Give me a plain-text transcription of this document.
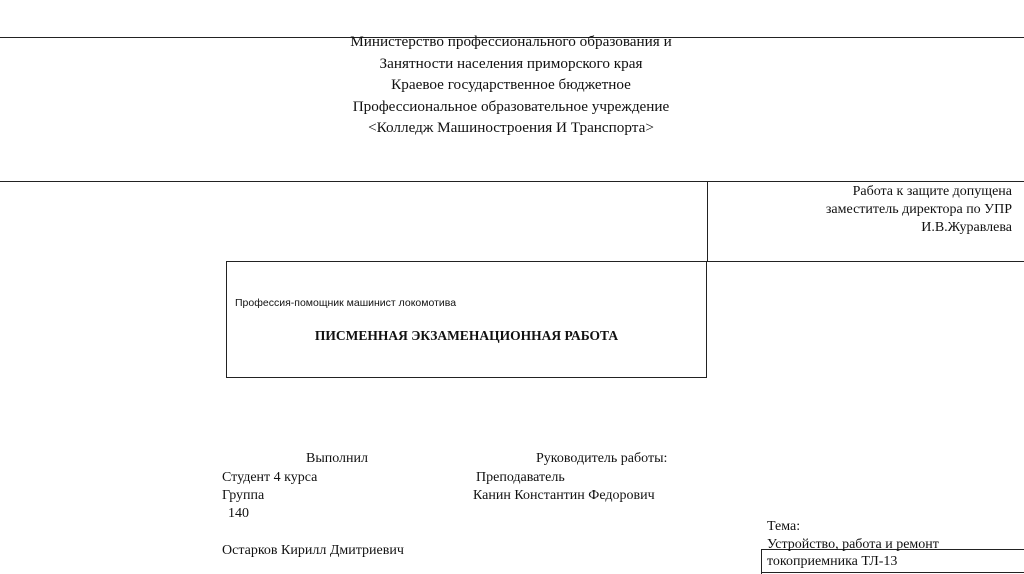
Министерство профессионального образования и
Занятности населения приморского края
Краевое государственное бюджетное
Профессиональное образовательное учреждение
<Колледж Машиностроения И Транспорта>
Работа к защите допущена
заместитель директора по УПР
И.В.Журавлева
Профессия-помощник машинист локомотива
ПИСМЕННАЯ ЭКЗАМЕНАЦИОННАЯ РАБОТА
Выполнил
Студент 4 курса
Группа
140
Остарков Кирилл Дмитриевич
Руководитель работы:
Преподаватель
Канин Константин Федорович
Тема:
Устройство, работа и ремонт
токоприемника ТЛ-13
